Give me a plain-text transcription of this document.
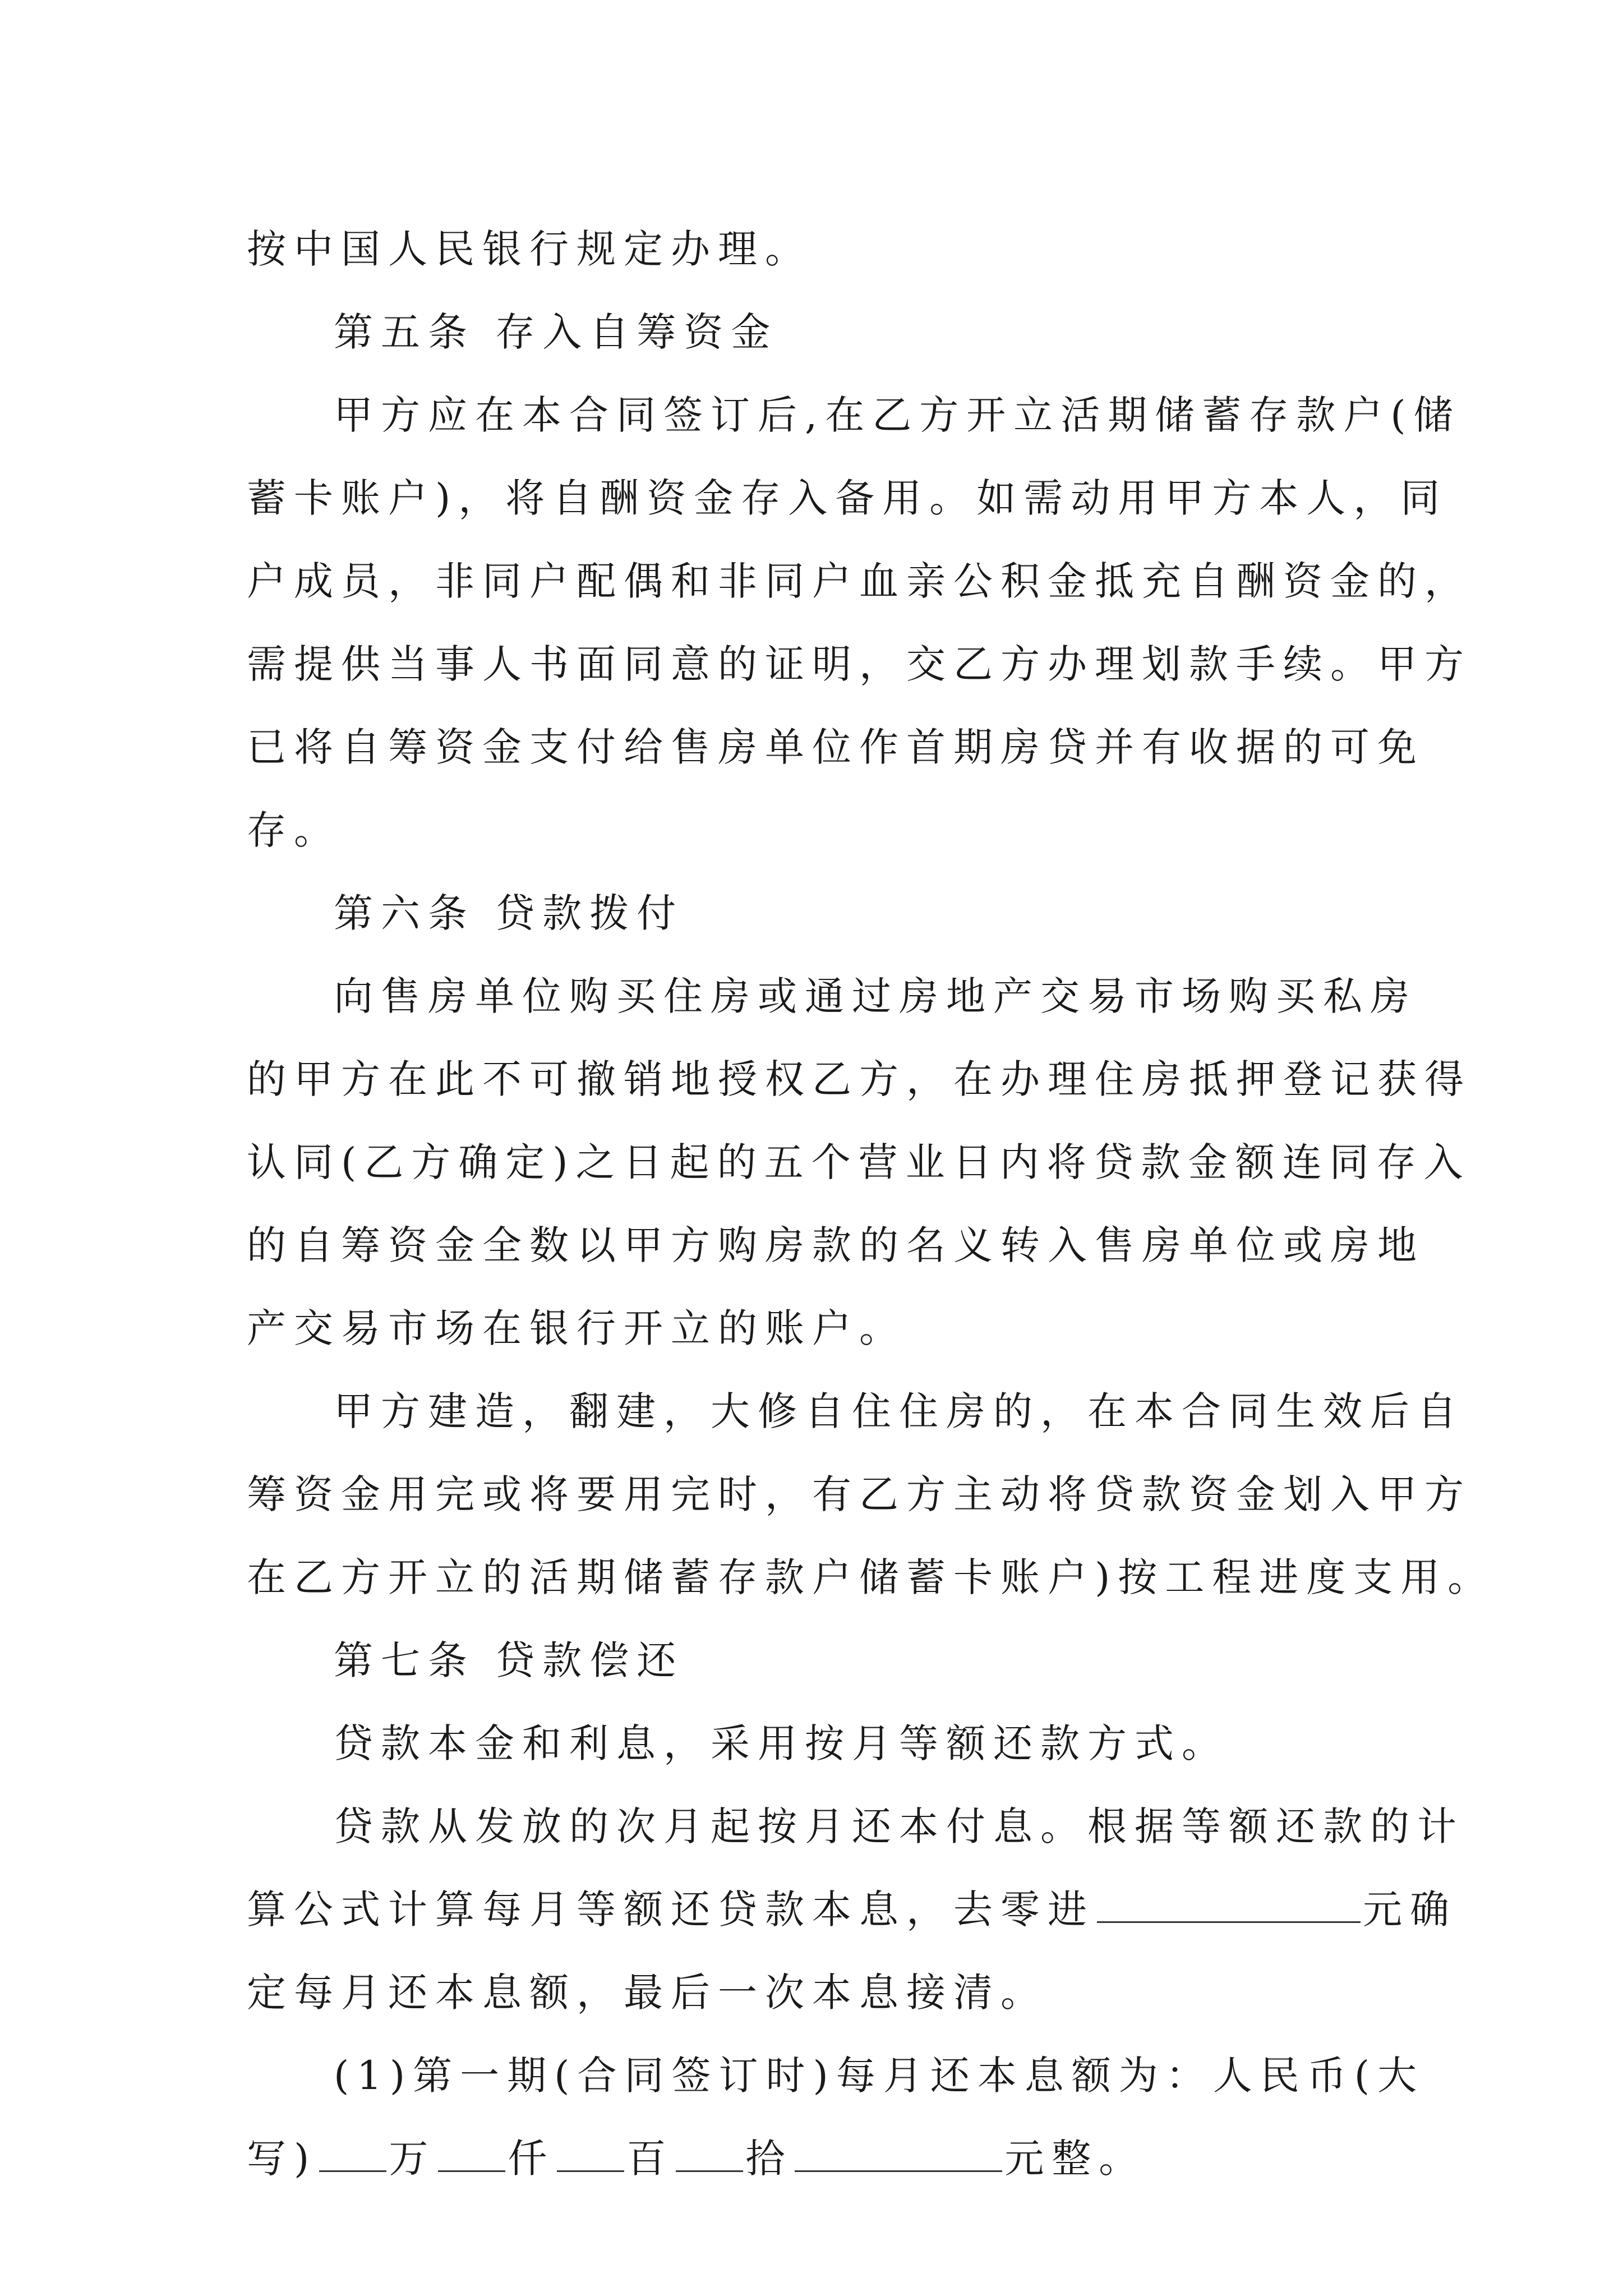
按中国人民银行规定办理。
第五条 存入自筹资金
甲方应在本合同签订后,在乙方开立活期储蓄存款户(储
蓄卡账户)，将自酬资金存入备用。如需动用甲方本人，同
户成员，非同户配偶和非同户血亲公积金抵充自酬资金的，
需提供当事人书面同意的证明，交乙方办理划款手续。甲方
已将自筹资金支付给售房单位作首期房贷并有收据的可免
存。
第六条 贷款拨付
向售房单位购买住房或通过房地产交易市场购买私房
的甲方在此不可撤销地授权乙方，在办理住房抵押登记获得
认同(乙方确定)之日起的五个营业日内将贷款金额连同存入
的自筹资金全数以甲方购房款的名义转入售房单位或房地
产交易市场在银行开立的账户。
甲方建造，翻建，大修自住住房的，在本合同生效后自
筹资金用完或将要用完时，有乙方主动将贷款资金划入甲方
在乙方开立的活期储蓄存款户储蓄卡账户)按工程进度支用。
第七条 贷款偿还
贷款本金和利息，采用按月等额还款方式。
贷款从发放的次月起按月还本付息。根据等额还款的计
算公式计算每月等额还贷款本息，去零进	元确
定每月还本息额，最后一次本息接清。
(1)第一期(合同签订时)每月还本息额为：人民币(大
写) 万 仟 百 拾	元整。
